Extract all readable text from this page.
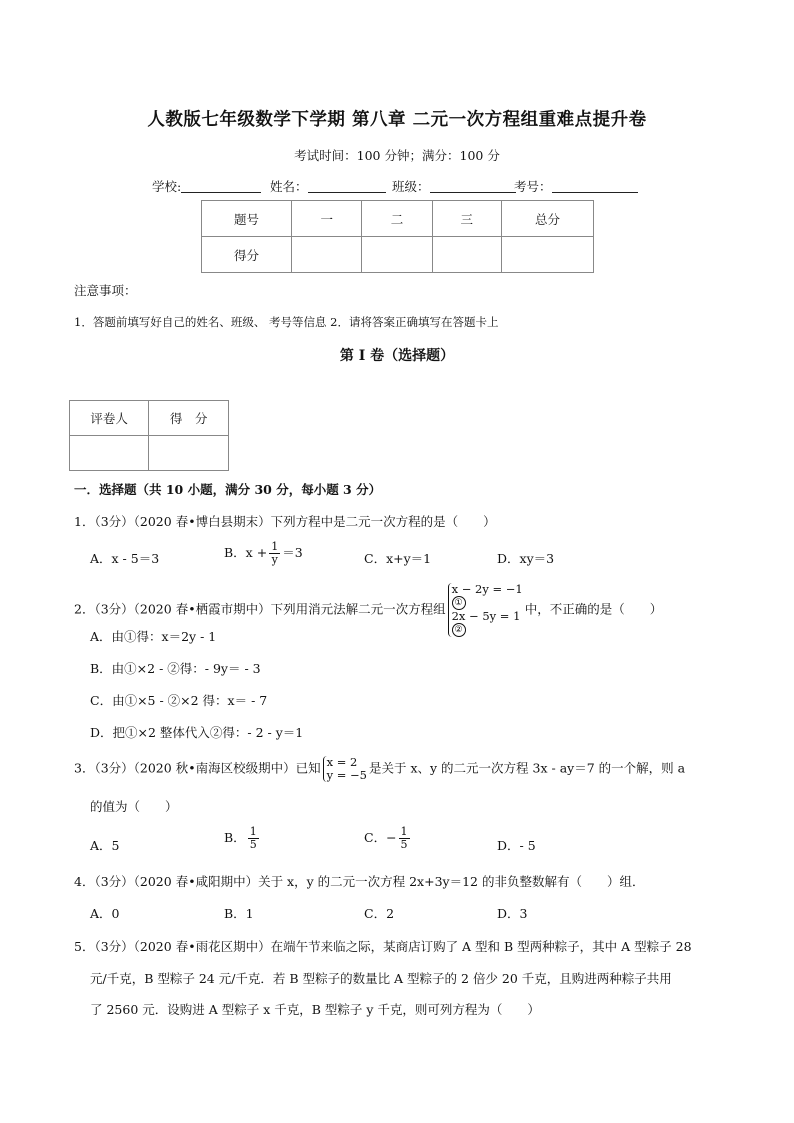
人教版七年级数学下学期 第八章 二元一次方程组重难点提升卷
考试时间：100 分钟；满分：100 分
学校:	姓名：	班级：	考号：
题号	一	二	三	总分
得分				
注意事项：
1．答题前填写好自己的姓名、班级、 考号等信息 2．请将答案正确填写在答题卡上
第 I 卷（选择题）
评卷人	得　分

一．选择题（共 10 小题，满分 30 分，每小题 3 分）
1．（3分）（2020 春•博白县期末）下列方程中是二元一次方程的是（　　）
A．x - 5＝3	B．$x + \frac{1}{y} =3$	C．x+y＝1	D．xy＝3
2．（3分）（2020 春•栖霞市期中）下列用消元法解二元一次方程组
x − 2y = −1
①
2x − 5y = 1
②
中，不正确的是（　　）
A．由①得：x＝2y - 1
B．由①×2 - ②得：- 9y＝ - 3
C．由①×5 - ②×2 得：x＝ - 7
D．把①×2 整体代入②得：- 2 - y＝1
3．（3分）（2020 秋•南海区校级期中）已知 x = 2
y = −5 是关于 x、y 的二元一次方程 3x - ay＝7 的一个解，则 a
的值为（　　）
A．5
B． $\frac{1}{5}$	C．− $\frac{1}{5}$	D．- 5
4．（3分）（2020 春•咸阳期中）关于 x，y 的二元一次方程 2x+3y＝12 的非负整数解有（　　）组．
A．0	B．1	C．2	D．3
5．（3分）（2020 春•雨花区期中）在端午节来临之际，某商店订购了 A 型和 B 型两种粽子，其中 A 型粽子 28
元/千克，B 型粽子 24 元/千克．若 B 型粽子的数量比 A 型粽子的 2 倍少 20 千克，且购进两种粽子共用
了 2560 元．设购进 A 型粽子 x 千克，B 型粽子 y 千克，则可列方程为（　　）
